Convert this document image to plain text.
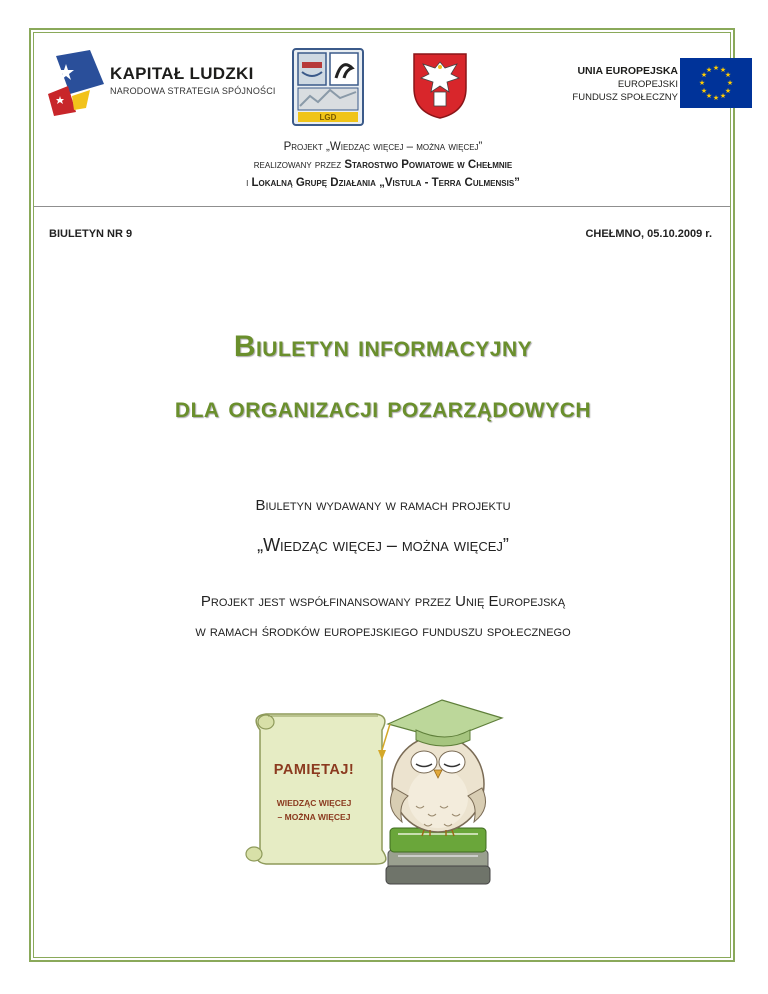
KAPITAŁ LUDZKI
NARODOWA STRATEGIA SPÓJNOŚCI
LGD
UNIA EUROPEJSKA
EUROPEJSKI
FUNDUSZ SPOŁECZNY
★ ★
★
★
★
★
★
★
★
★
★
★
Projekt „Wiedząc więcej – można więcej”
realizowany przez Starostwo Powiatowe w Chełmnie
i Lokalną Grupę Działania „Vistula - Terra Culmensis”
BIULETYN NR 9	CHEŁMNO, 05.10.2009 r.
Biuletyn informacyjny
dla organizacji pozarządowych
Biuletyn wydawany w ramach projektu
„Wiedząc więcej – można więcej”
Projekt jest współfinansowany przez Unię Europejską
w ramach środków europejskiego funduszu społecznego
PAMIĘTAJ!
WIEDZĄC WIĘCEJ
– MOŻNA WIĘCEJ
